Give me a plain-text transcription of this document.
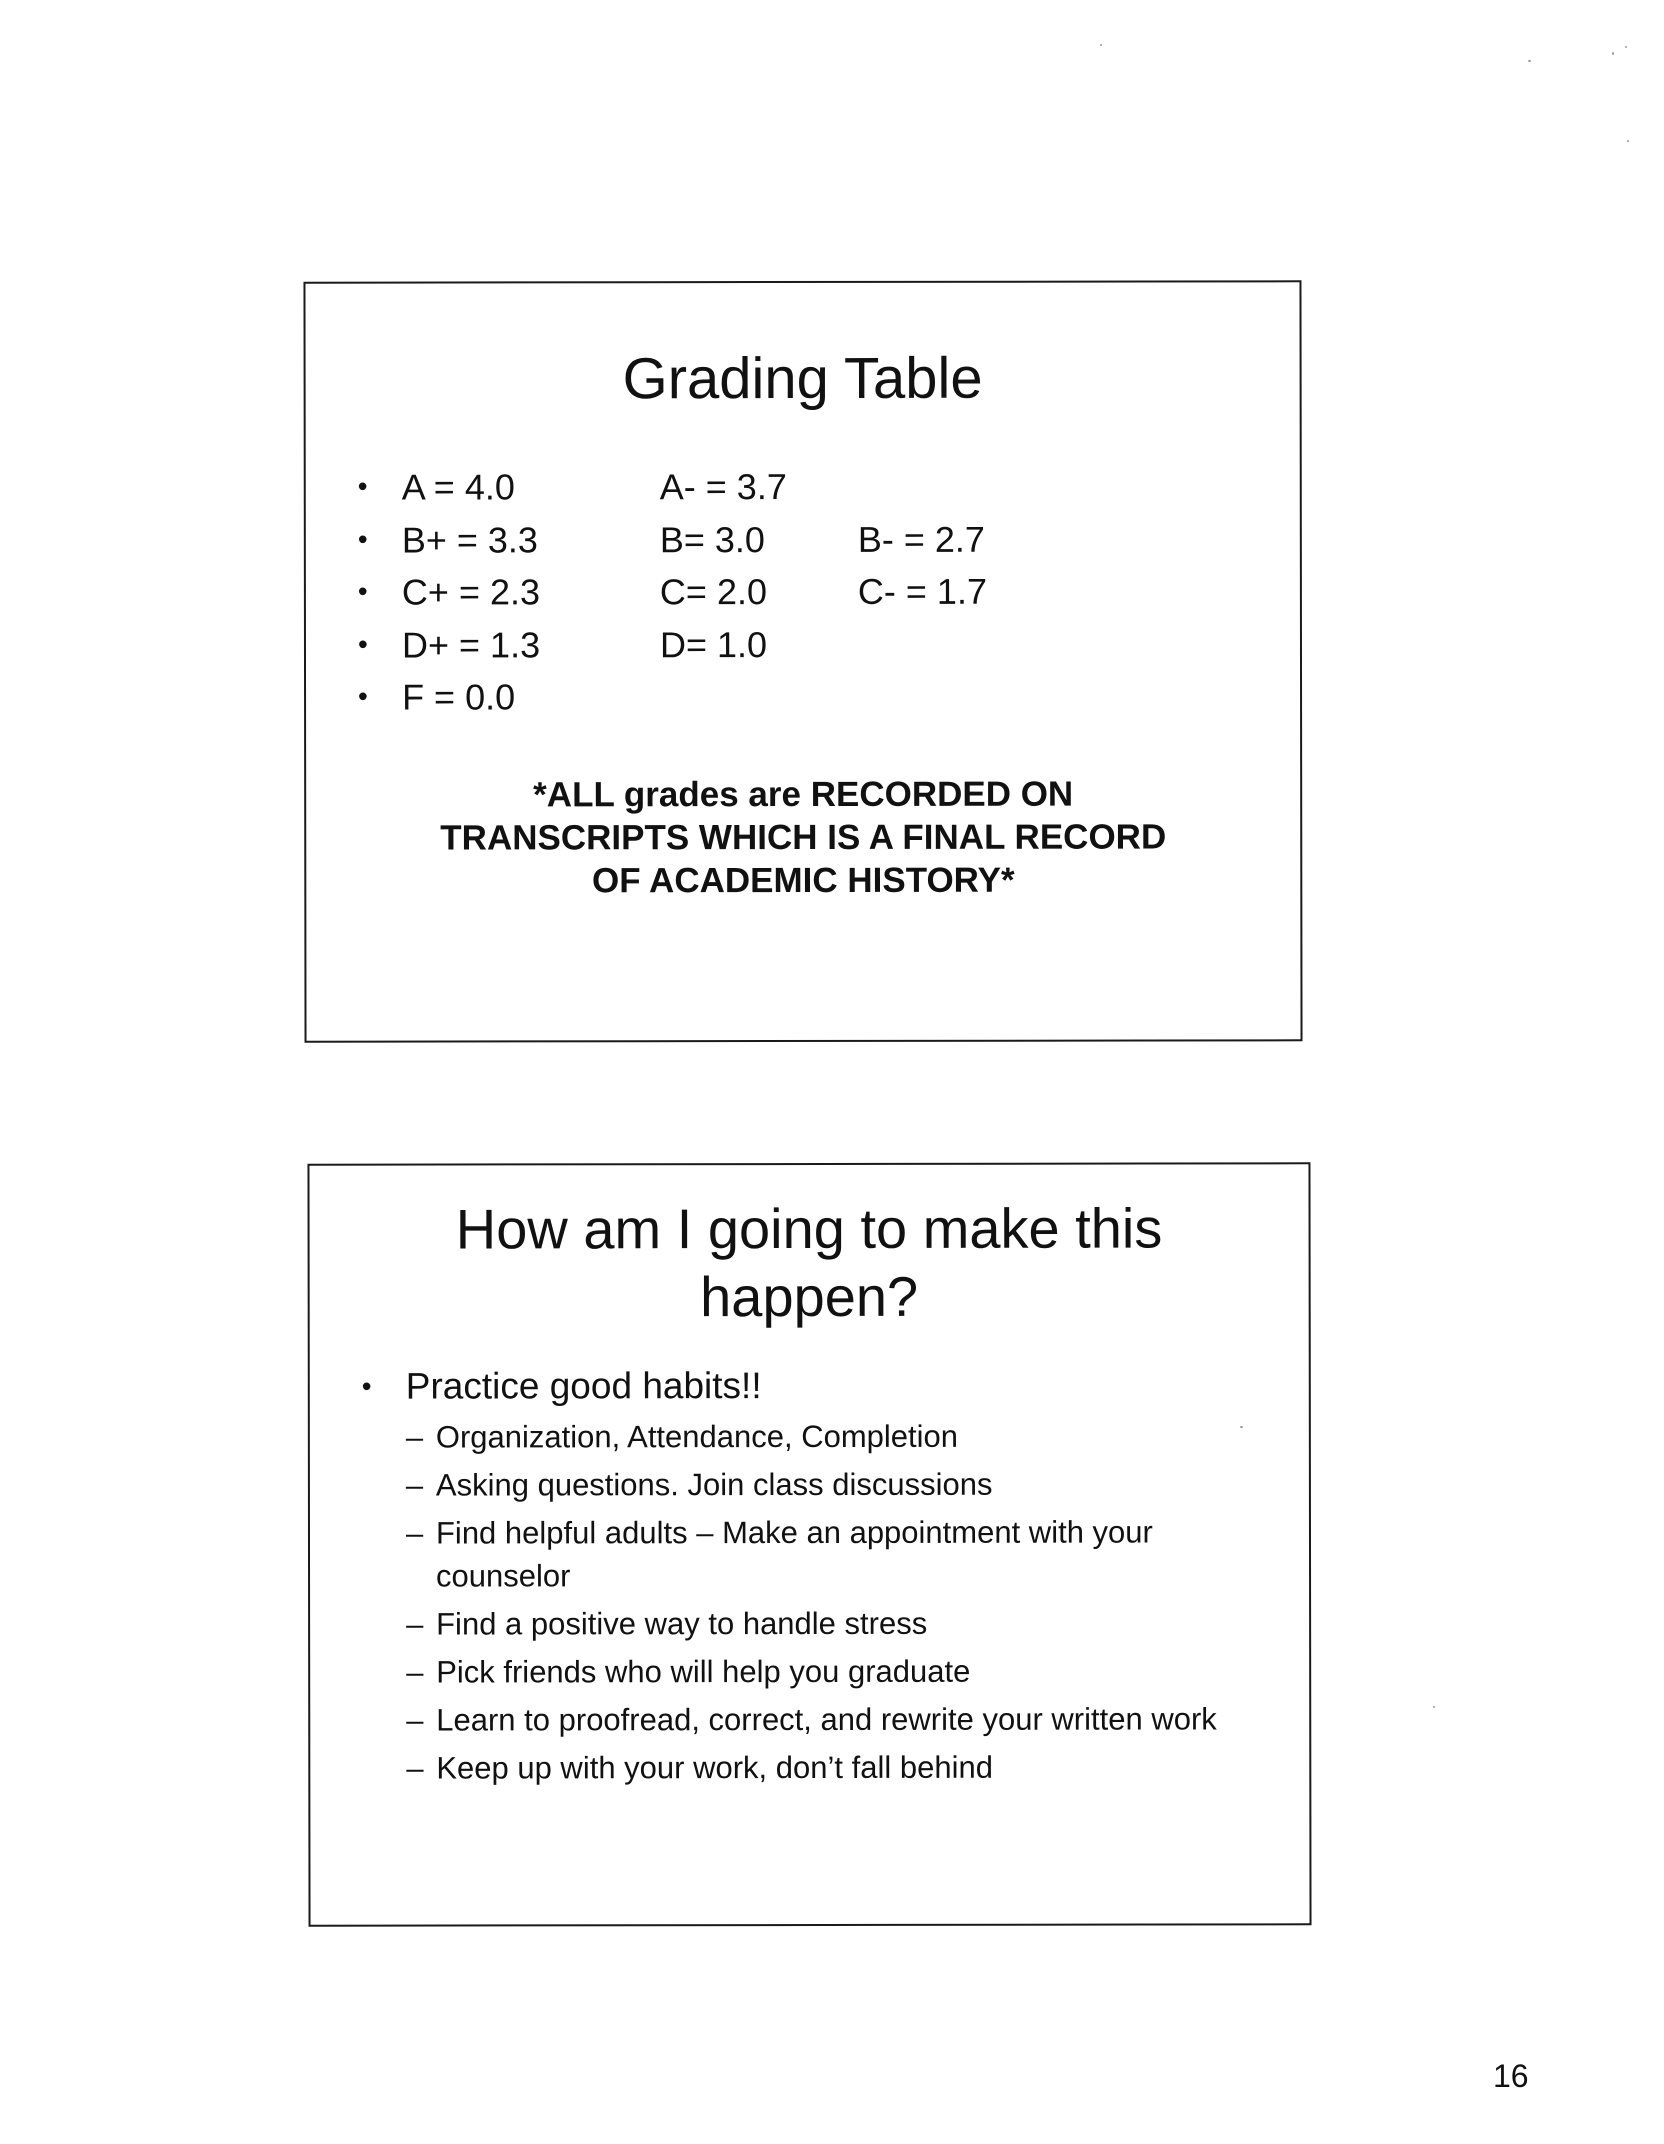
Grading Table
• A = 4.0	A- = 3.7
• B+ = 3.3	B= 3.0	B- = 2.7
• C+ = 2.3	C= 2.0	C- = 1.7
• D+ = 1.3	D= 1.0
• F = 0.0
*ALL grades are RECORDED ON
TRANSCRIPTS WHICH IS A FINAL RECORD
OF ACADEMIC HISTORY*
How am I going to make this
happen?
• Practice good habits!!
– Organization, Attendance, Completion
– Asking questions. Join class discussions
– Find helpful adults – Make an appointment with your counselor
– Find a positive way to handle stress
– Pick friends who will help you graduate
– Learn to proofread, correct, and rewrite your written work
– Keep up with your work, don’t fall behind
16
